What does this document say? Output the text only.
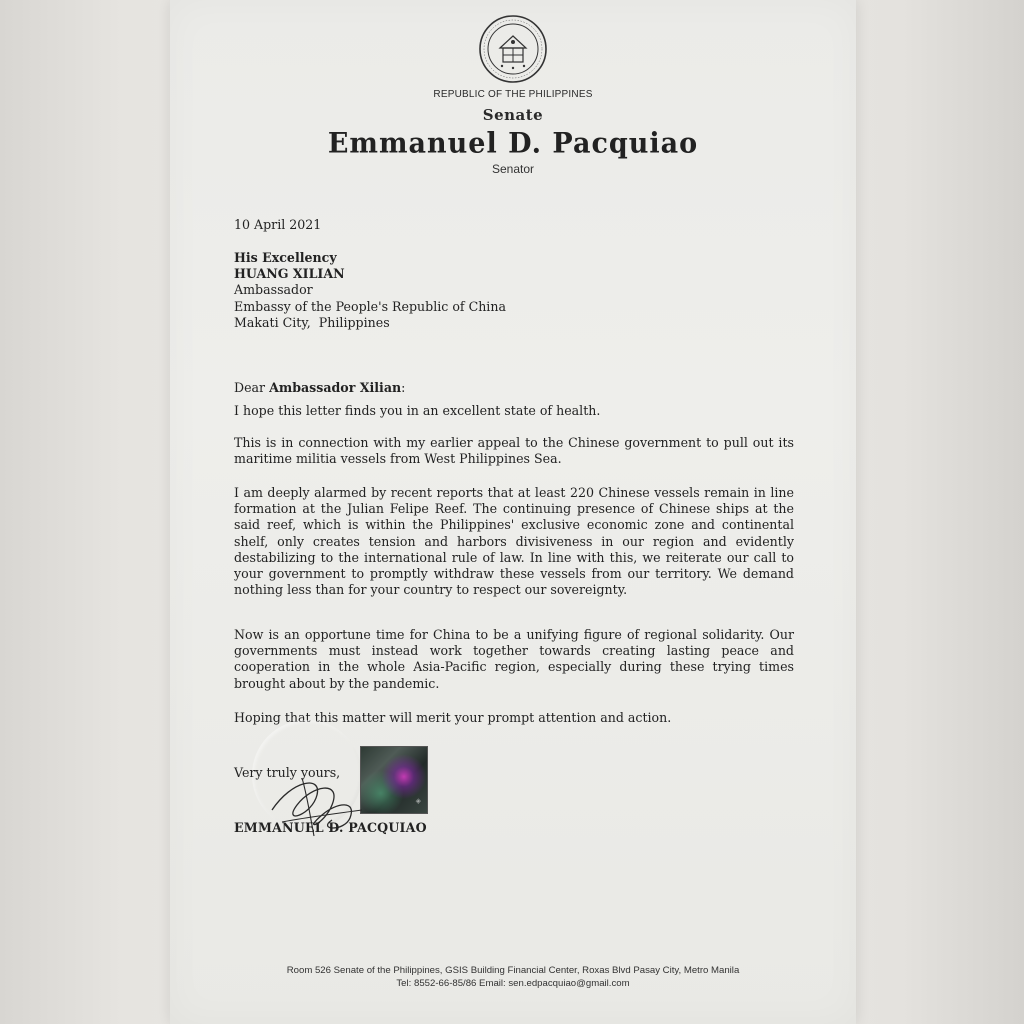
REPUBLIC OF THE PHILIPPINES
Senate
Emmanuel D. Pacquiao
Senator
10 April 2021
His Excellency
HUANG XILIAN
Ambassador
Embassy of the People's Republic of China
Makati City,  Philippines
Dear Ambassador Xilian:
I hope this letter finds you in an excellent state of health.
This is in connection with my earlier appeal to the Chinese government to pull out its maritime militia vessels from West Philippines Sea.
I am deeply alarmed by recent reports that at least 220 Chinese vessels remain in line formation at the Julian Felipe Reef. The continuing presence of Chinese ships at the said reef, which is within the Philippines' exclusive economic zone and continental shelf, only creates tension and harbors divisiveness in our region and evidently destabilizing to the international rule of law. In line with this, we reiterate our call to your government to promptly withdraw these vessels from our territory. We demand nothing less than for your country to respect our sovereignty.
Now is an opportune time for China to be a unifying figure of regional solidarity. Our governments must instead work together towards creating lasting peace and cooperation in the whole Asia-Pacific region, especially during these trying times brought about by the pandemic.
Hoping that this matter will merit your prompt attention and action.
Very truly yours,
◈
EMMANUEL D. PACQUIAO
Room 526 Senate of the Philippines, GSIS Building Financial Center, Roxas Blvd Pasay City, Metro Manila
Tel: 8552-66-85/86 Email: sen.edpacquiao@gmail.com
